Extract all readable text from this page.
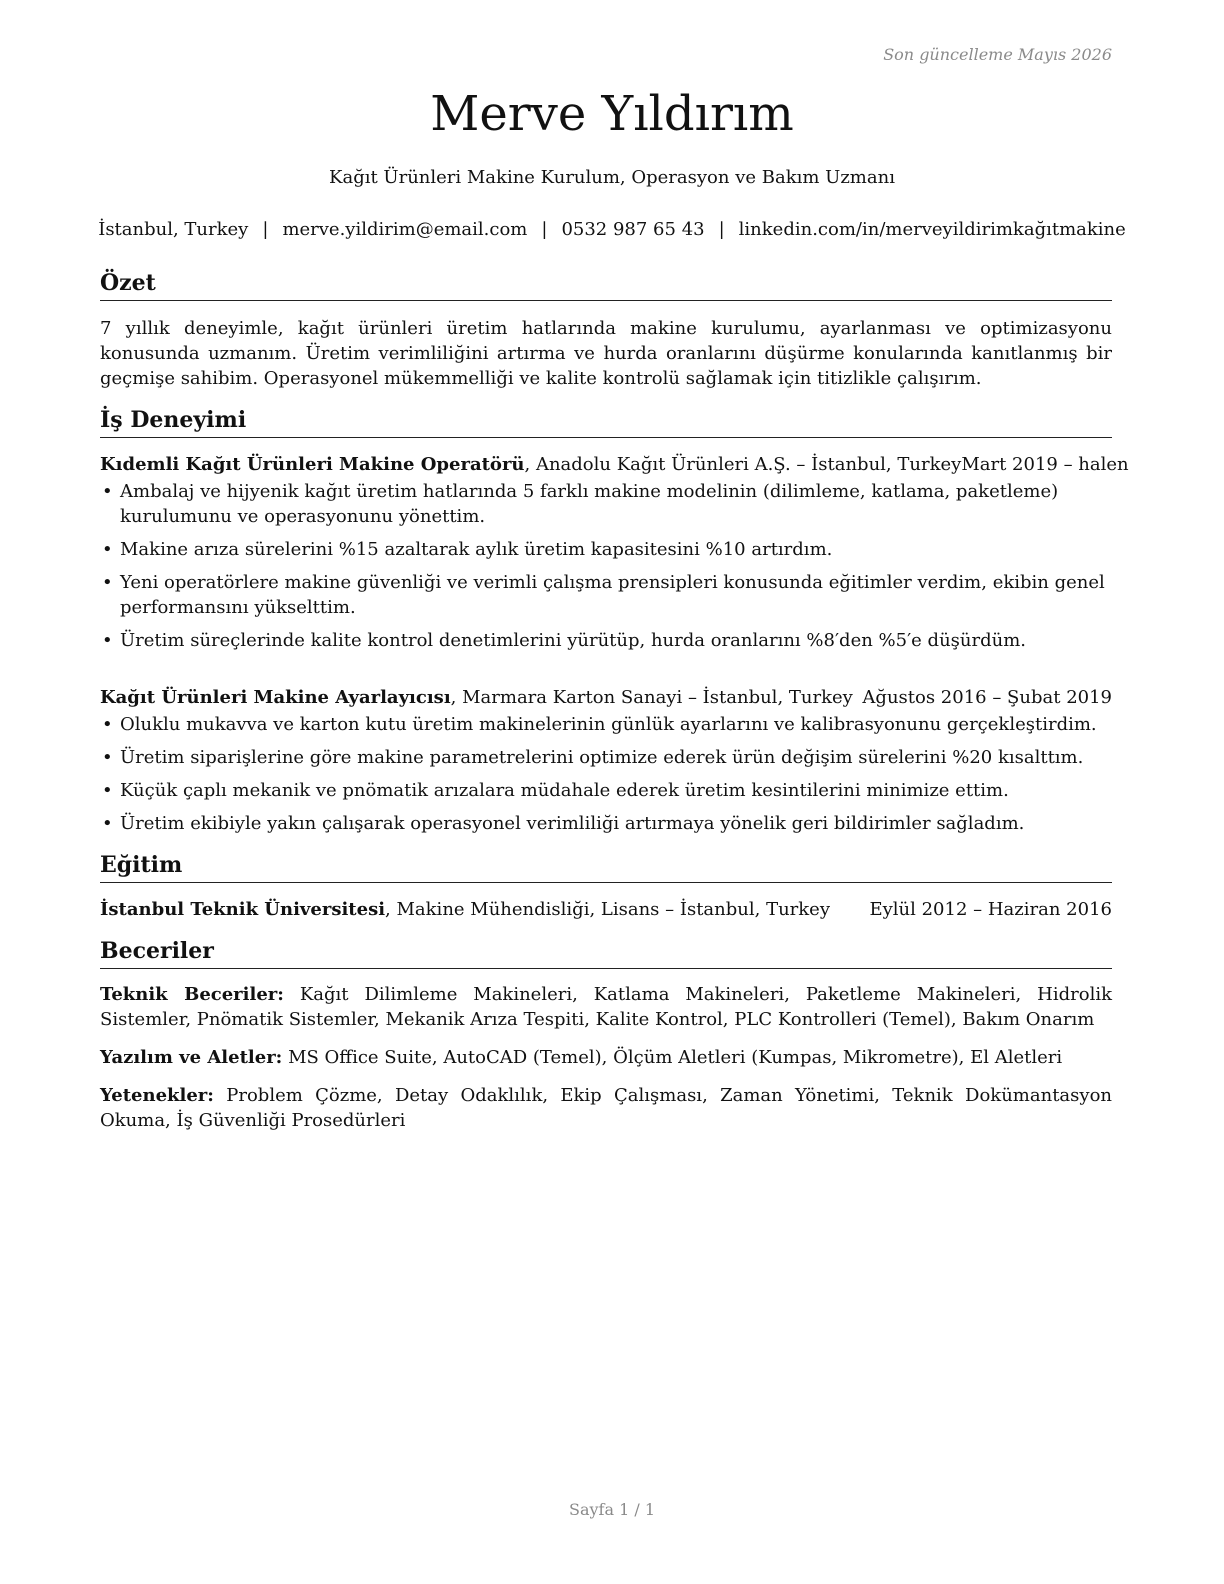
Son güncelleme Mayıs 2026
Merve Yıldırım
Kağıt Ürünleri Makine Kurulum, Operasyon ve Bakım Uzmanı
İstanbul, Turkey | merve.yildirim@email.com | 0532 987 65 43 | linkedin.com/in/merveyildirimkağıtmakine
Özet

7 yıllık deneyimle, kağıt ürünleri üretim hatlarında makine kurulumu, ayarlanması ve optimizasyonu konusunda uzmanım. Üretim verimliliğini artırma ve hurda oranlarını düşürme konularında kanıtlanmış bir geçmişe sahibim. Operasyonel mükemmelliği ve kalite kontrolü sağlamak için titizlikle çalışırım.

İş Deneyimi
Kıdemli Kağıt Ürünleri Makine Operatörü, Anadolu Kağıt Ürünleri A.Ş. – İstanbul, Turkey Mart 2019 – halen
• Ambalaj ve hijyenik kağıt üretim hatlarında 5 farklı makine modelinin (dilimleme, katlama, paketleme) kurulumunu ve operasyonunu yönettim.
• Makine arıza sürelerini %15 azaltarak aylık üretim kapasitesini %10 artırdım.
• Yeni operatörlere makine güvenliği ve verimli çalışma prensipleri konusunda eğitimler verdim, ekibin genel performansını yükselttim.
• Üretim süreçlerinde kalite kontrol denetimlerini yürütüp, hurda oranlarını %8′den %5′e düşürdüm.
Kağıt Ürünleri Makine Ayarlayıcısı, Marmara Karton Sanayi – İstanbul, Turkey Ağustos 2016 – Şubat 2019
• Oluklu mukavva ve karton kutu üretim makinelerinin günlük ayarlarını ve kalibrasyonunu gerçekleştirdim.
• Üretim siparişlerine göre makine parametrelerini optimize ederek ürün değişim sürelerini %20 kısalttım.
• Küçük çaplı mekanik ve pnömatik arızalara müdahale ederek üretim kesintilerini minimize ettim.
• Üretim ekibiyle yakın çalışarak operasyonel verimliliği artırmaya yönelik geri bildirimler sağladım.
Eğitim
İstanbul Teknik Üniversitesi, Makine Mühendisliği, Lisans – İstanbul, Turkey Eylül 2012 – Haziran 2016
Beceriler
Teknik Beceriler: Kağıt Dilimleme Makineleri, Katlama Makineleri, Paketleme Makineleri, Hidrolik Sistemler, Pnömatik Sistemler, Mekanik Arıza Tespiti, Kalite Kontrol, PLC Kontrolleri (Temel), Bakım Onarım
Yazılım ve Aletler: MS Office Suite, AutoCAD (Temel), Ölçüm Aletleri (Kumpas, Mikrometre), El Aletleri
Yetenekler: Problem Çözme, Detay Odaklılık, Ekip Çalışması, Zaman Yönetimi, Teknik Dokümantasyon Okuma, İş Güvenliği Prosedürleri
Sayfa 1 / 1
